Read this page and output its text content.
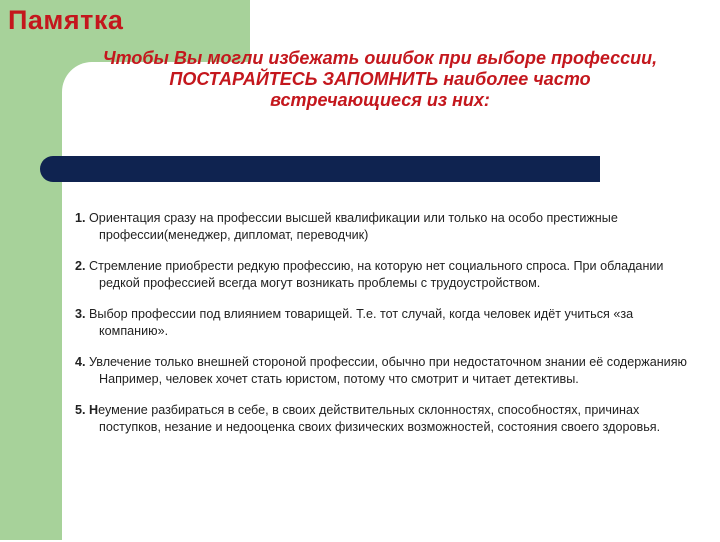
Памятка

Чтобы Вы могли избежать ошибок при выборе профессии, ПОСТАРАЙТЕСЬ ЗАПОМНИТЬ наиболее часто встречающиеся из них:

1. Ориентация сразу на профессии высшей квалификации или только на особо престижные профессии(менеджер, дипломат, переводчик)
2. Стремление приобрести редкую профессию, на которую нет социального спроса. При обладании редкой профессией всегда могут возникать проблемы с трудоустройством.
3. Выбор профессии под влиянием товарищей. Т.е. тот случай, когда человек идёт учиться «за компанию».
4. Увлечение только внешней стороной профессии, обычно при недостаточном знании её содержанияю Например, человек хочет стать юристом, потому что смотрит и читает детективы.
5. Неумение разбираться в себе, в своих действительных склонностях, способностях, причинах поступков, незание и недооценка своих физических возможностей, состояния своего здоровья.
